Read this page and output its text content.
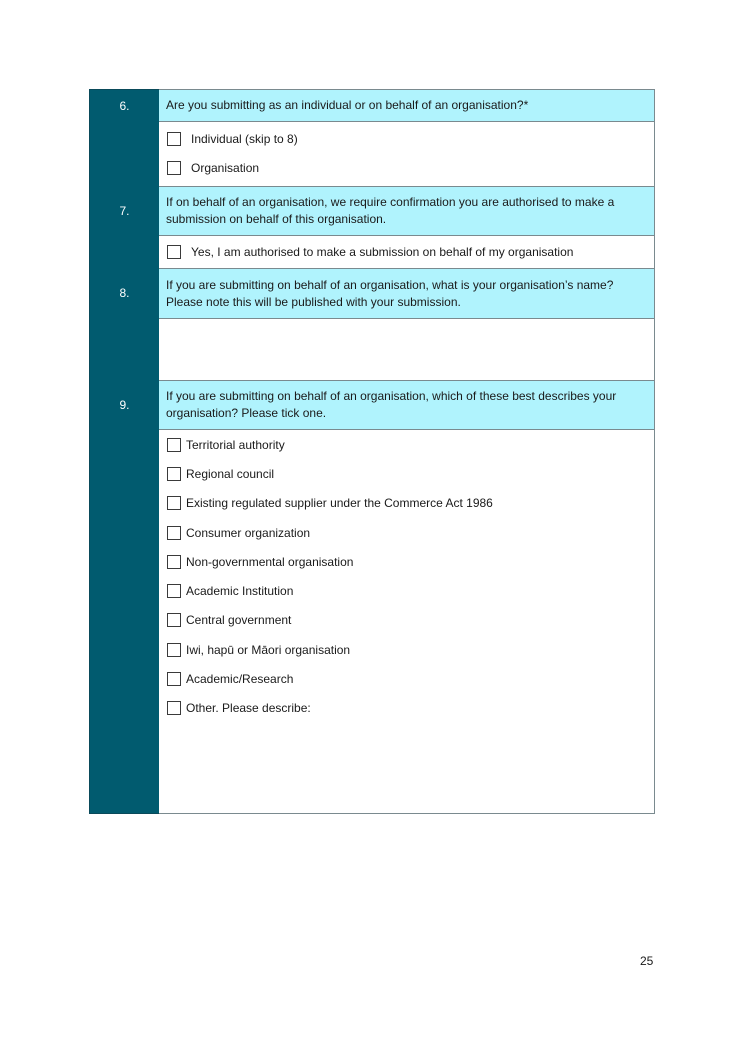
6.	Are you submitting as an individual or on behalf of an organisation?*
Individual (skip to 8)
Organisation
7.
If on behalf of an organisation, we require confirmation you are authorised to make a submission on behalf of this organisation.
Yes, I am authorised to make a submission on behalf of my organisation
8.
If you are submitting on behalf of an organisation, what is your organisation’s name? Please note this will be published with your submission.
9.
If you are submitting on behalf of an organisation, which of these best describes your organisation? Please tick one.
Territorial authority
Regional council
Existing regulated supplier under the Commerce Act 1986
Consumer organization
Non-governmental organisation
Academic Institution
Central government
Iwi, hapū or Māori organisation
Academic/Research
Other. Please describe:
25
